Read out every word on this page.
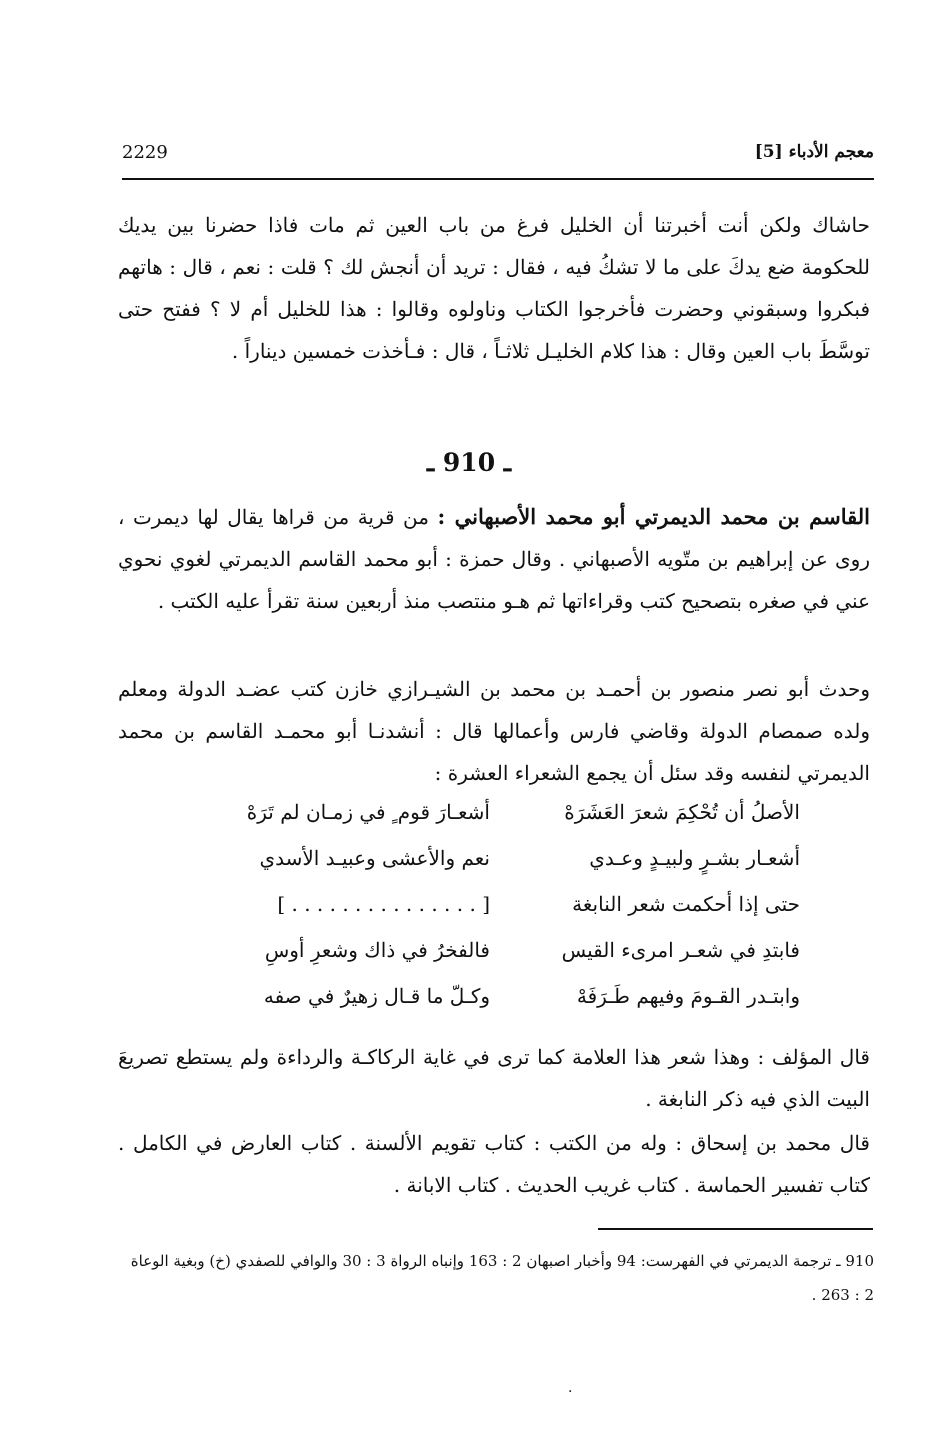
معجم الأدباء [5]
2229
حاشاك ولكن أنت أخبرتنا أن الخليل فرغ من باب العين ثم مات فاذا حضرنا بين يديك للحكومة ضع يدكَ على ما لا تشكُ فيه ، فقال : تريد أن أنجش لك ؟ قلت : نعم ، قال : هاتهم فبكروا وسبقوني وحضرت فأخرجوا الكتاب وناولوه وقالوا : هذا للخليل أم لا ؟ ففتح حتى توسَّطَ باب العين وقال : هذا كلام الخليـل ثلاثـاً ، قال : فـأخذت خمسين ديناراً .
ـ 910 ـ
القاسم بن محمد الديمرتي أبو محمد الأصبهاني : من قرية من قراها يقال لها ديمرت ، روى عن إبراهيم بن متّويه الأصبهاني . وقال حمزة : أبو محمد القاسم الديمرتي لغوي نحوي عني في صغره بتصحيح كتب وقراءاتها ثم هـو منتصب منذ أربعين سنة تقرأ عليه الكتب .
وحدث أبو نصر منصور بن أحمـد بن محمد بن الشيـرازي خازن كتب عضـد الدولة ومعلم ولده صمصام الدولة وقاضي فارس وأعمالها قال : أنشدنـا أبو محمـد القاسم بن محمد الديمرتي لنفسه وقد سئل أن يجمع الشعراء العشرة :
الأصلُ أن تُحْكِمَ شعرَ العَشَرَهْ
أشعـارَ قوم ٍ في زمـان لم تَرَهْ
أشعـار بشـرٍ ولبيـدٍ وعـدي
نعم والأعشى وعبيـد الأسدي
حتى إذا أحكمت شعر النابغة
[ . . . . . . . . . . . . . . . ]
فابتدِ في شعـر امرىء القيس
فالفخرُ في ذاك وشعرِ أوسِ
وابتـدر القـومَ وفيهم طَـرَفَهْ
وكـلّ ما قـال زهيرٌ في صفه
قال المؤلف : وهذا شعر هذا العلامة كما ترى في غاية الركاكـة والرداءة ولم يستطع تصريعَ البيت الذي فيه ذكر النابغة .
قال محمد بن إسحاق : وله من الكتب : كتاب تقويم الألسنة . كتاب العارض في الكامل . كتاب تفسير الحماسة . كتاب غريب الحديث . كتاب الابانة .
910 ـ ترجمة الديمرتي في الفهرست: 94 وأخبار اصبهان 2 : 163 وإنباه الرواة 3 : 30 والوافي للصفدي (خ) وبغية الوعاة 2 : 263 .
.
